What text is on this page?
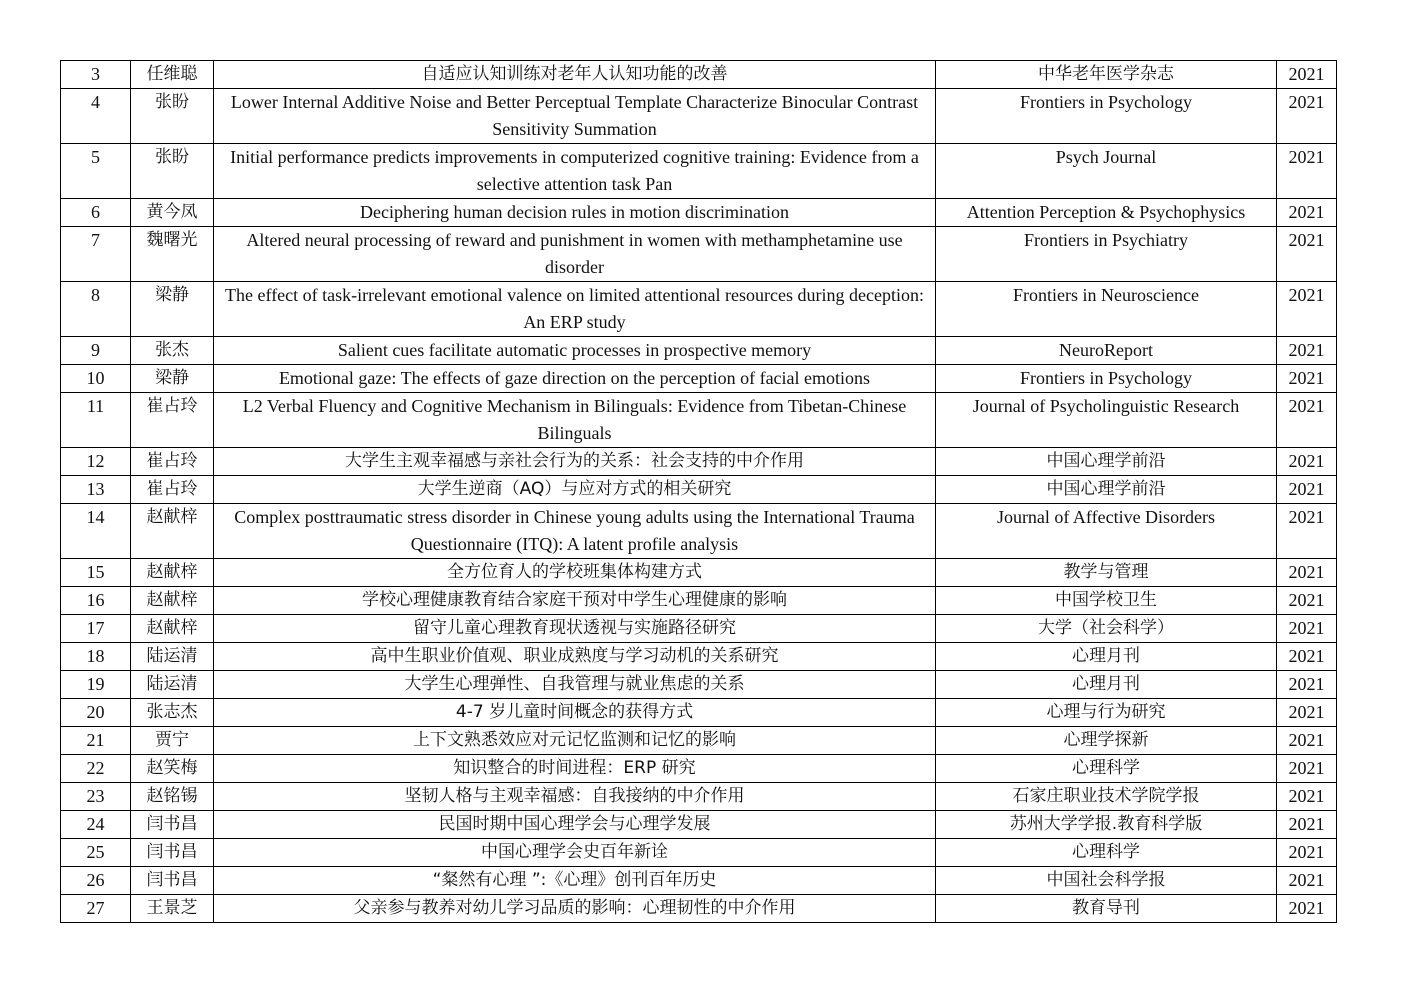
3	任维聪	自适应认知训练对老年人认知功能的改善	中华老年医学杂志	2021
4	张盼	Lower Internal Additive Noise and Better Perceptual Template Characterize Binocular Contrast Sensitivity Summation	Frontiers in Psychology	2021
5	张盼	Initial performance predicts improvements in computerized cognitive training: Evidence from a selective attention task Pan	Psych Journal	2021
6	黄今凤	Deciphering human decision rules in motion discrimination	Attention Perception & Psychophysics	2021
7	魏曙光	Altered neural processing of reward and punishment in women with methamphetamine use disorder	Frontiers in Psychiatry	2021
8	梁静	The effect of task-irrelevant emotional valence on limited attentional resources during deception: An ERP study	Frontiers in Neuroscience	2021
9	张杰	Salient cues facilitate automatic processes in prospective memory	NeuroReport	2021
10	梁静	Emotional gaze: The effects of gaze direction on the perception of facial emotions	Frontiers in Psychology	2021
11	崔占玲	L2 Verbal Fluency and Cognitive Mechanism in Bilinguals: Evidence from Tibetan-Chinese Bilinguals	Journal of Psycholinguistic Research	2021
12	崔占玲	大学生主观幸福感与亲社会行为的关系：社会支持的中介作用	中国心理学前沿	2021
13	崔占玲	大学生逆商（AQ）与应对方式的相关研究	中国心理学前沿	2021
14	赵献梓	Complex posttraumatic stress disorder in Chinese young adults using the International Trauma Questionnaire (ITQ): A latent profile analysis	Journal of Affective Disorders	2021
15	赵献梓	全方位育人的学校班集体构建方式	教学与管理	2021
16	赵献梓	学校心理健康教育结合家庭干预对中学生心理健康的影响	中国学校卫生	2021
17	赵献梓	留守儿童心理教育现状透视与实施路径研究	大学（社会科学）	2021
18	陆运清	高中生职业价值观、职业成熟度与学习动机的关系研究	心理月刊	2021
19	陆运清	大学生心理弹性、自我管理与就业焦虑的关系	心理月刊	2021
20	张志杰	4-7 岁儿童时间概念的获得方式	心理与行为研究	2021
21	贾宁	上下文熟悉效应对元记忆监测和记忆的影响	心理学探新	2021
22	赵笑梅	知识整合的时间进程：ERP 研究	心理科学	2021
23	赵铭锡	坚韧人格与主观幸福感：自我接纳的中介作用	石家庄职业技术学院学报	2021
24	闫书昌	民国时期中国心理学会与心理学发展	苏州大学学报.教育科学版	2021
25	闫书昌	中国心理学会史百年新诠	心理科学	2021
26	闫书昌	“粲然有心理 ”:《心理》创刊百年历史	中国社会科学报	2021
27	王景芝	父亲参与教养对幼儿学习品质的影响：心理韧性的中介作用	教育导刊	2021
